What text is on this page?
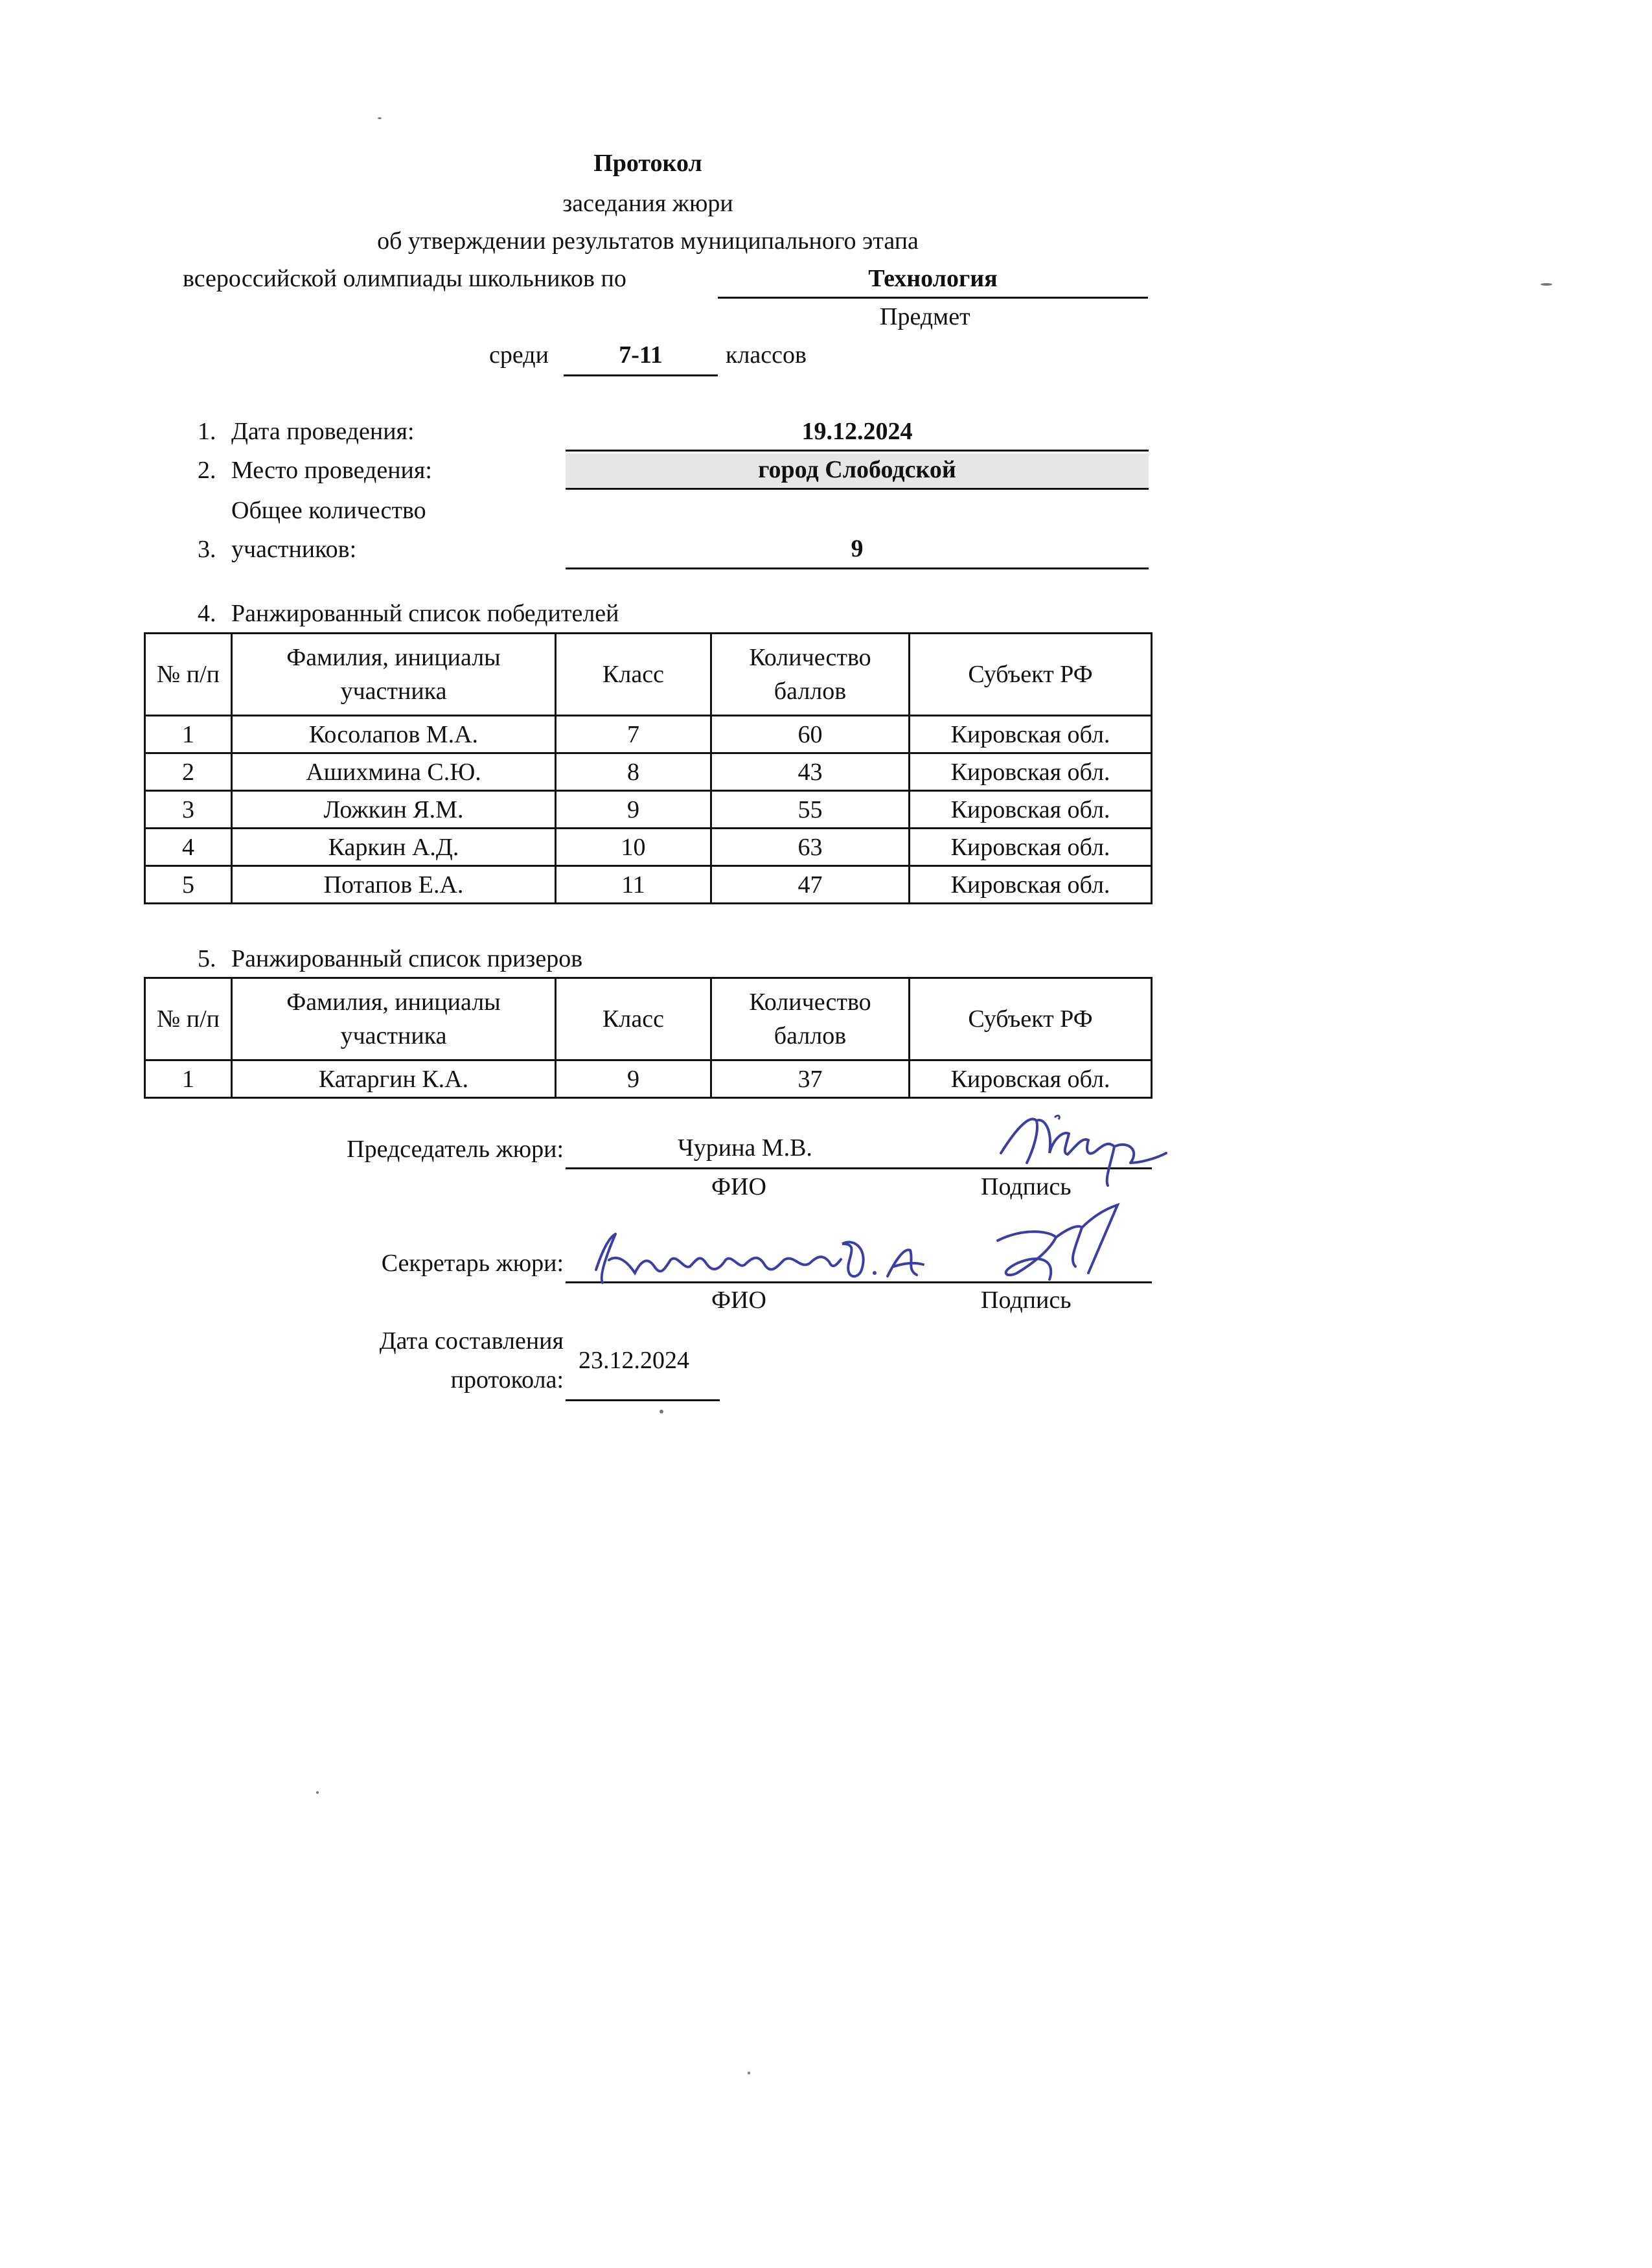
Протокол
заседания жюри
об утверждении результатов муниципального этапа
всероссийской олимпиады школьников по	Технология
Предмет
среди	7-11	классов
1. Дата проведения:	19.12.2024
2. Место проведения:	город Слободской
Общее количество
3. участников:	9
4. Ранжированный список победителей
№ п/п	Фамилия, инициалы участника	Класс	Количество баллов	Субъект РФ
1	Косолапов М.А.	7	60	Кировская обл.
2	Ашихмина С.Ю.	8	43	Кировская обл.
3	Ложкин Я.М.	9	55	Кировская обл.
4	Каркин А.Д.	10	63	Кировская обл.
5	Потапов Е.А.	11	47	Кировская обл.
5. Ранжированный список призеров
№ п/п	Фамилия, инициалы участника	Класс	Количество баллов	Субъект РФ
1	Катаргин К.А.	9	37	Кировская обл.
Председатель жюри:	Чурина М.В.
ФИО	Подпись
Секретарь жюри:
ФИО	Подпись
Дата составления
протокола:
23.12.2024
